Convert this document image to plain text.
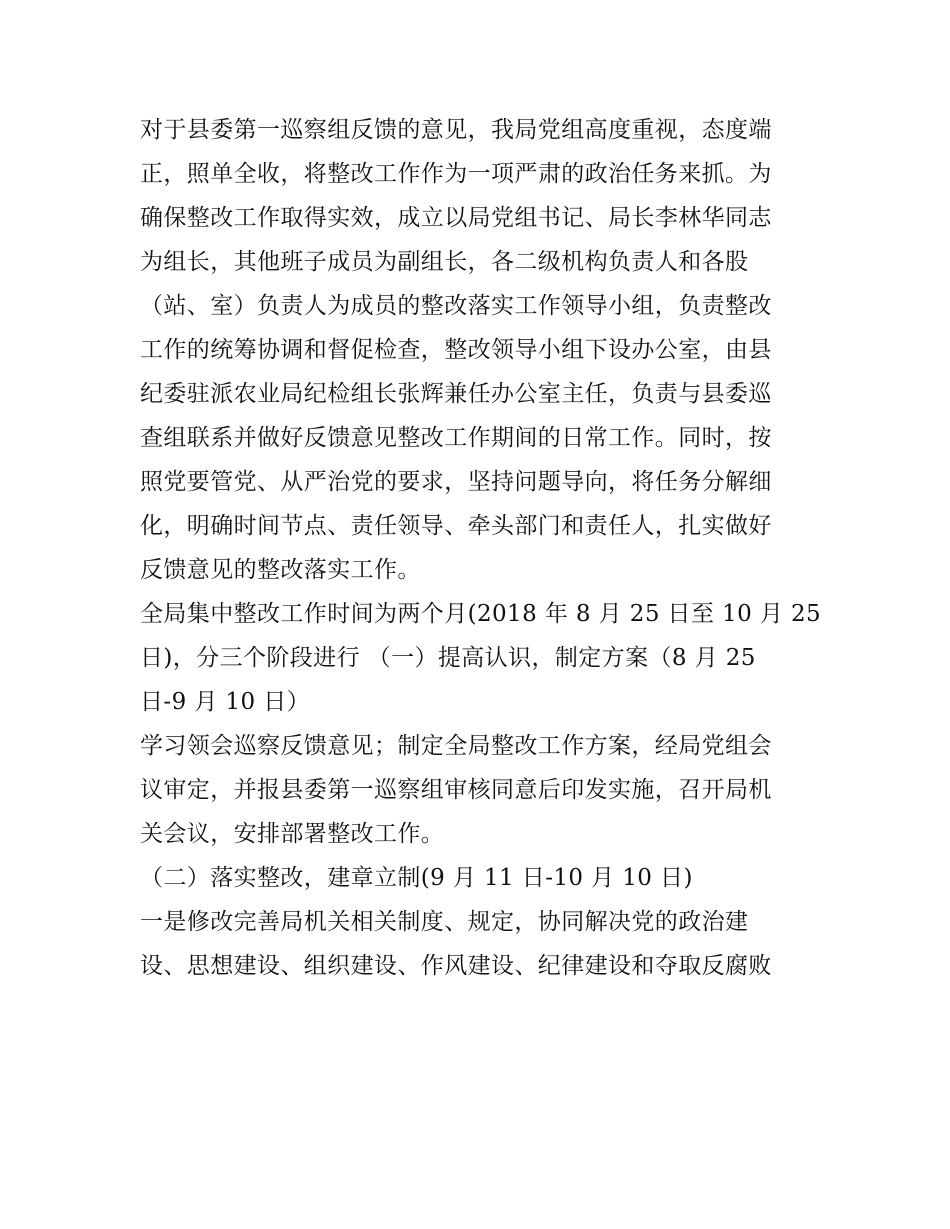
对于县委第一巡察组反馈的意见，我局党组高度重视，态度端
正，照单全收，将整改工作作为一项严肃的政治任务来抓。为
确保整改工作取得实效，成立以局党组书记、局长李林华同志
为组长，其他班子成员为副组长，各二级机构负责人和各股
（站、室）负责人为成员的整改落实工作领导小组，负责整改
工作的统筹协调和督促检查，整改领导小组下设办公室，由县
纪委驻派农业局纪检组长张辉兼任办公室主任，负责与县委巡
查组联系并做好反馈意见整改工作期间的日常工作。同时，按
照党要管党、从严治党的要求，坚持问题导向，将任务分解细
化，明确时间节点、责任领导、牵头部门和责任人，扎实做好
反馈意见的整改落实工作。
全局集中整改工作时间为两个月(2018 年 8 月 25 日至 10 月 25
日)，分三个阶段进行 （一）提高认识，制定方案（8 月 25
日-9 月 10 日）
学习领会巡察反馈意见；制定全局整改工作方案，经局党组会
议审定，并报县委第一巡察组审核同意后印发实施，召开局机
关会议，安排部署整改工作。
（二）落实整改，建章立制(9 月 11 日-10 月 10 日)
一是修改完善局机关相关制度、规定，协同解决党的政治建
设、思想建设、组织建设、作风建设、纪律建设和夺取反腐败
